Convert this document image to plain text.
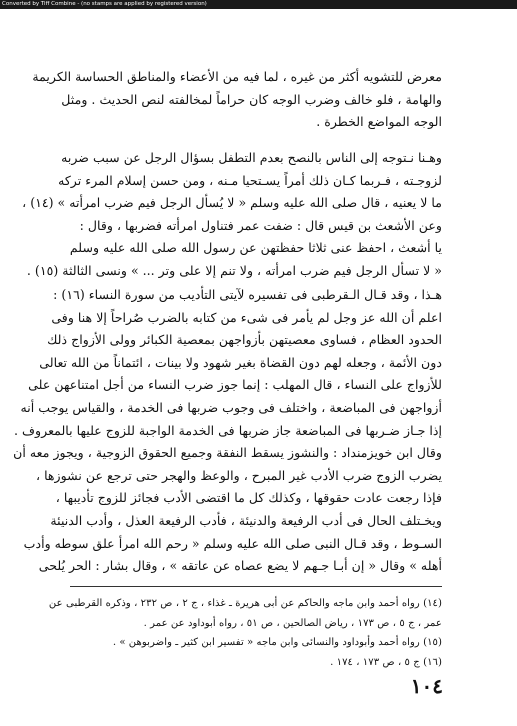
Converted by Tiff Combine - (no stamps are applied by registered version)
معرض للتشويه أكثر من غيره ، لما فيه من الأعضاء والمناطق الحساسة الكريمة
والهامة ، فلو خالف وضرب الوجه كان حراماً لمخالفته لنص الحديث . ومثل
الوجه المواضع الخطرة .
وهـنا نـتوجه إلى الناس بالنصح بعدم التطفل بسؤال الرجل عن سبب ضربه
لزوجـته ، فـربما كـان ذلك أمراً يسـتحيا مـنه ، ومن حسن إسلام المرء تركه
ما لا يعنيه ، قال صلى الله عليه وسلم « لا يُسأل الرجل فيم ضرب امرأته » (١٤) ،
وعن الأشعث بن قيس قال : ضفت عمر فتناول امرأته فضربها ، وقال :
يا أشعث ، احفظ عنى ثلاثا حفظتهن عن رسول الله صلى الله عليه وسلم
« لا تسأل الرجل فيم ضرب امرأته ، ولا تنم إلا على وتر ... » ونسى الثالثة (١٥) .
هـذا ، وقد قـال الـقرطبى فى تفسيره لآيتى التأديب من سورة النساء (١٦) :
اعلم أن الله عز وجل لم يأمر فى شىء من كتابه بالضرب صُراحاً إلا هنا وفى
الحدود العظام ، فساوى معصيتهن بأزواجهن بمعصية الكبائر وولى الأزواج ذلك
دون الأئمة ، وجعله لهم دون القضاة بغير شهود ولا بينات ، ائتماناً من الله تعالى
للأزواج على النساء ، قال المهلب : إنما جوز ضرب النساء من أجل امتناعهن على
أزواجهن فى المباضعة ، واختلف فى وجوب ضربها فى الخدمة ، والقياس يوجب أنه
إذا جـاز ضـربها فى المباضعة جاز ضربها فى الخدمة الواجبة للزوج عليها بالمعروف .
وقال ابن خويزمنداد : والنشوز يسقط النفقة وجميع الحقوق الزوجية ، ويجوز معه أن
يضرب الزوج ضرب الأدب غير المبرح ، والوعظ والهجر حتى ترجع عن نشوزها ،
فإذا رجعت عادت حقوقها ، وكذلك كل ما اقتضى الأدب فجائز للزوج تأديبها ،
ويخـتلف الحال فى أدب الرفيعة والدنيئة ، فأدب الرفيعة العذل ، وأدب الدنيئة
السـوط ، وقد قـال النبى صلى الله عليه وسلم « رحم الله امرأ علق سوطه وأدب
أهله » وقال « إن أبـا جـهم لا يضع عصاه عن عاتقه » ، وقال بشار : الحر يُلحى
(١٤) رواه أحمد وابن ماجه والحاكم عن أبى هريرة ـ غذاء ، ج ٢ ، ص ٢٣٢ ، وذكره القرطبى عن
عمر ، ج ٥ ، ص ١٧٣ ، رياض الصالحين ، ص ٥١ ، رواه أبوداود عن عمر .
(١٥) رواه أحمد وأبوداود والنسائى وابن ماجه « تفسير ابن كثير ـ واضربوهن » .
(١٦) ج ٥ ، ص ١٧٣ ، ١٧٤ .
١٠٤
